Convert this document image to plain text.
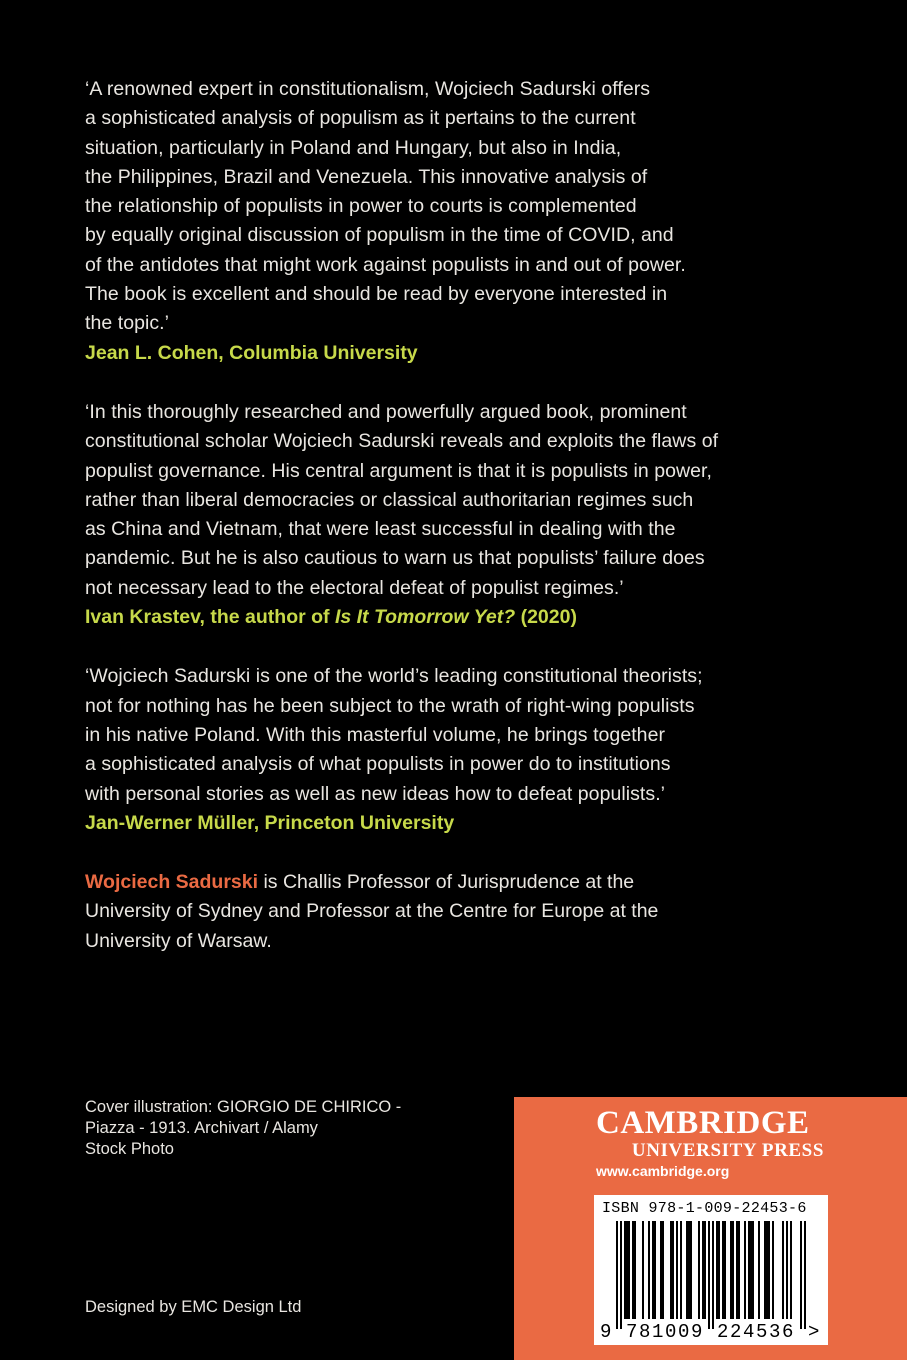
‘A renowned expert in constitutionalism, Wojciech Sadurski offers
a sophisticated analysis of populism as it pertains to the current
situation, particularly in Poland and Hungary, but also in India,
the Philippines, Brazil and Venezuela. This innovative analysis of
the relationship of populists in power to courts is complemented
by equally original discussion of populism in the time of COVID, and
of the antidotes that might work against populists in and out of power.
The book is excellent and should be read by everyone interested in
the topic.’

Jean L. Cohen, Columbia University

‘In this thoroughly researched and powerfully argued book, prominent
constitutional scholar Wojciech Sadurski reveals and exploits the flaws of
populist governance. His central argument is that it is populists in power,
rather than liberal democracies or classical authoritarian regimes such
as China and Vietnam, that were least successful in dealing with the
pandemic. But he is also cautious to warn us that populists’ failure does
not necessary lead to the electoral defeat of populist regimes.’

Ivan Krastev, the author of Is It Tomorrow Yet? (2020)

‘Wojciech Sadurski is one of the world’s leading constitutional theorists;
not for nothing has he been subject to the wrath of right-wing populists
in his native Poland. With this masterful volume, he brings together
a sophisticated analysis of what populists in power do to institutions
with personal stories as well as new ideas how to defeat populists.’

Jan-Werner Müller, Princeton University

Wojciech Sadurski is Challis Professor of Jurisprudence at the
University of Sydney and Professor at the Centre for Europe at the
University of Warsaw.

Cover illustration: GIORGIO DE CHIRICO -
Piazza - 1913. Archivart / Alamy
Stock Photo
Designed by EMC Design Ltd
CAMBRIDGE
UNIVERSITY PRESS
www.cambridge.org
ISBN 978-1-009-22453-6
9 781009 224536 >
